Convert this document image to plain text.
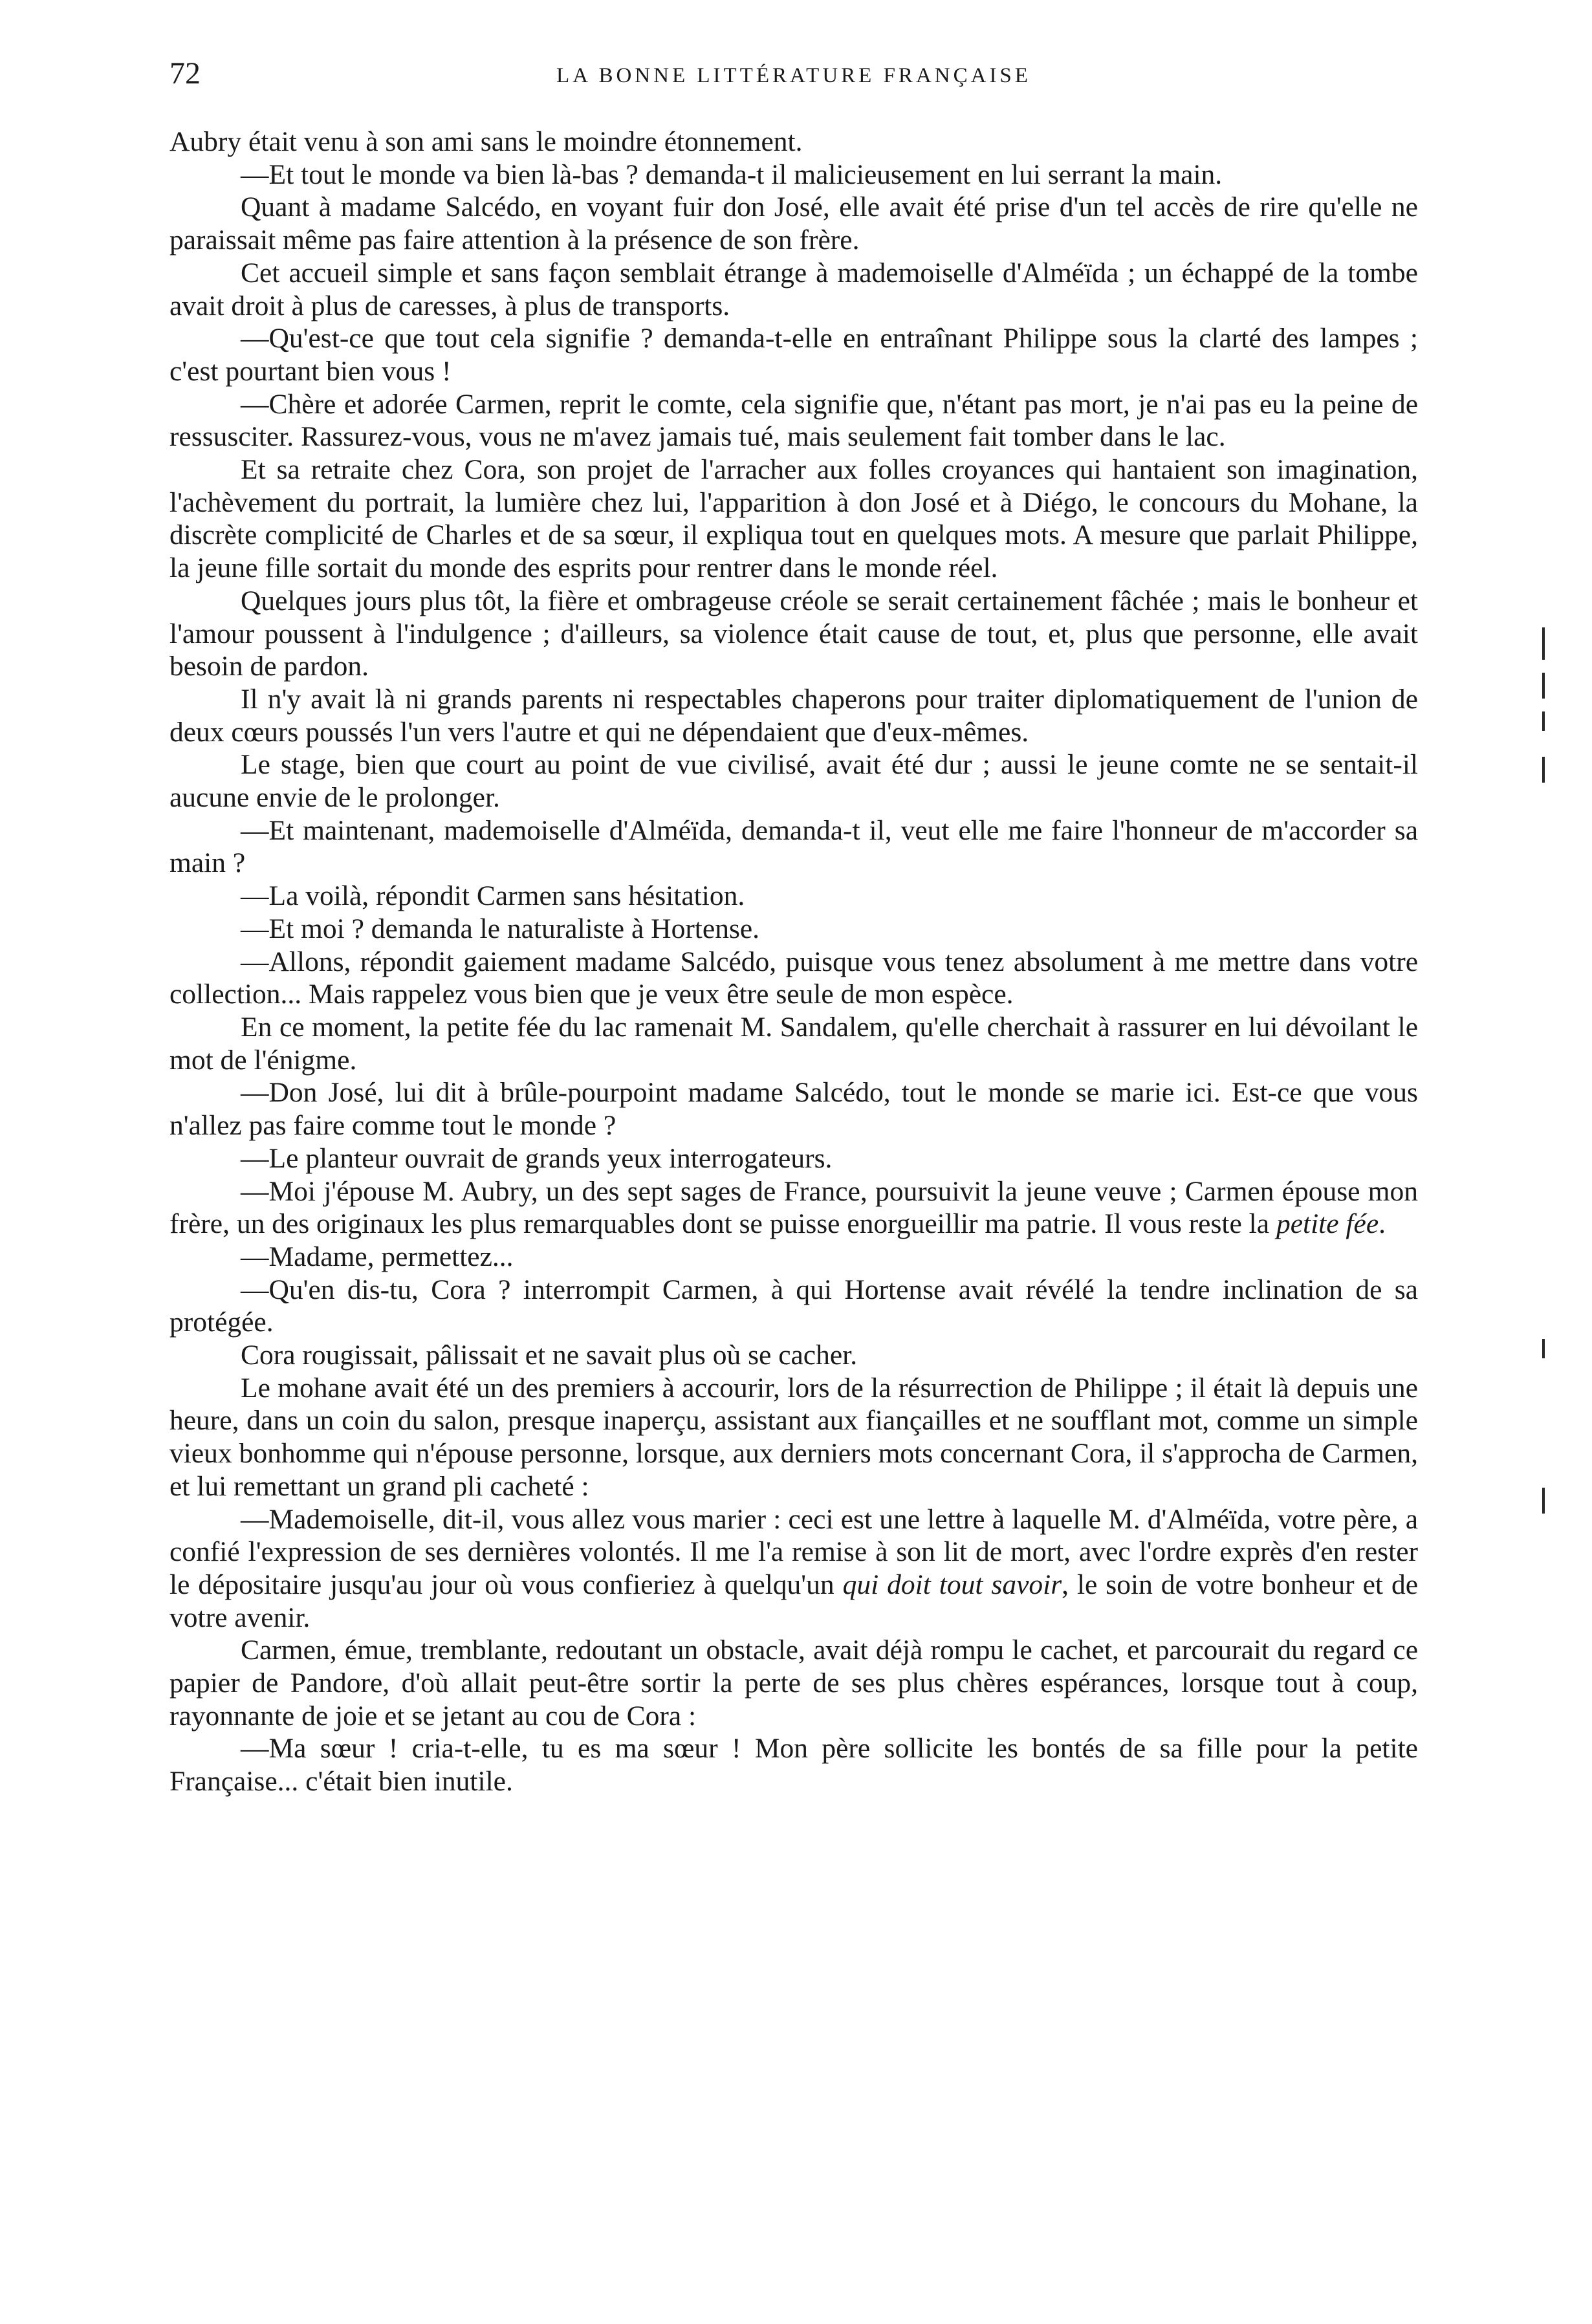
72	LA BONNE LITTÉRATURE FRANÇAISE

Aubry était venu à son ami sans le moindre étonnement.

—Et tout le monde va bien là-bas ? demanda-t il malicieusement en lui serrant la main.

Quant à madame Salcédo, en voyant fuir don José, elle avait été prise d'un tel accès de rire qu'elle ne paraissait même pas faire attention à la présence de son frère.

Cet accueil simple et sans façon semblait étrange à mademoiselle d'Alméïda ; un échappé de la tombe avait droit à plus de caresses, à plus de transports.

—Qu'est-ce que tout cela signifie ? demanda-t-elle en entraînant Philippe sous la clarté des lampes ; c'est pourtant bien vous !

—Chère et adorée Carmen, reprit le comte, cela signifie que, n'étant pas mort, je n'ai pas eu la peine de ressusciter. Rassurez-vous, vous ne m'avez jamais tué, mais seulement fait tomber dans le lac.

Et sa retraite chez Cora, son projet de l'arracher aux folles croyances qui hantaient son imagination, l'achèvement du portrait, la lumière chez lui, l'apparition à don José et à Diégo, le concours du Mohane, la discrète complicité de Charles et de sa sœur, il expliqua tout en quelques mots. A mesure que parlait Philippe, la jeune fille sortait du monde des esprits pour rentrer dans le monde réel.

Quelques jours plus tôt, la fière et ombrageuse créole se serait certainement fâchée ; mais le bonheur et l'amour poussent à l'indulgence ; d'ailleurs, sa violence était cause de tout, et, plus que personne, elle avait besoin de pardon.

Il n'y avait là ni grands parents ni respectables chaperons pour traiter diplomatiquement de l'union de deux cœurs poussés l'un vers l'autre et qui ne dépendaient que d'eux-mêmes.

Le stage, bien que court au point de vue civilisé, avait été dur ; aussi le jeune comte ne se sentait-il aucune envie de le prolonger.

—Et maintenant, mademoiselle d'Alméïda, demanda-t il, veut elle me faire l'honneur de m'accorder sa main ?

—La voilà, répondit Carmen sans hésitation.

—Et moi ? demanda le naturaliste à Hortense.

—Allons, répondit gaiement madame Salcédo, puisque vous tenez absolument à me mettre dans votre collection... Mais rappelez vous bien que je veux être seule de mon espèce.

En ce moment, la petite fée du lac ramenait M. Sandalem, qu'elle cherchait à rassurer en lui dévoilant le mot de l'énigme.

—Don José, lui dit à brûle-pourpoint madame Salcédo, tout le monde se marie ici. Est-ce que vous n'allez pas faire comme tout le monde ?

—Le planteur ouvrait de grands yeux interrogateurs.

—Moi j'épouse M. Aubry, un des sept sages de France, poursuivit la jeune veuve ; Carmen épouse mon frère, un des originaux les plus remarquables dont se puisse enorgueillir ma patrie. Il vous reste la petite fée.

—Madame, permettez...

—Qu'en dis-tu, Cora ? interrompit Carmen, à qui Hortense avait révélé la tendre inclination de sa protégée.

Cora rougissait, pâlissait et ne savait plus où se cacher.

Le mohane avait été un des premiers à accourir, lors de la résurrection de Philippe ; il était là depuis une heure, dans un coin du salon, presque inaperçu, assistant aux fiançailles et ne soufflant mot, comme un simple vieux bonhomme qui n'épouse personne, lorsque, aux derniers mots concernant Cora, il s'approcha de Carmen, et lui remettant un grand pli cacheté :

—Mademoiselle, dit-il, vous allez vous marier : ceci est une lettre à laquelle M. d'Alméïda, votre père, a confié l'expression de ses dernières volontés. Il me l'a remise à son lit de mort, avec l'ordre exprès d'en rester le dépositaire jusqu'au jour où vous confieriez à quelqu'un qui doit tout savoir, le soin de votre bonheur et de votre avenir.

Carmen, émue, tremblante, redoutant un obstacle, avait déjà rompu le cachet, et parcourait du regard ce papier de Pandore, d'où allait peut-être sortir la perte de ses plus chères espérances, lorsque tout à coup, rayonnante de joie et se jetant au cou de Cora :

—Ma sœur ! cria-t-elle, tu es ma sœur ! Mon père sollicite les bontés de sa fille pour la petite Française... c'était bien inutile.
